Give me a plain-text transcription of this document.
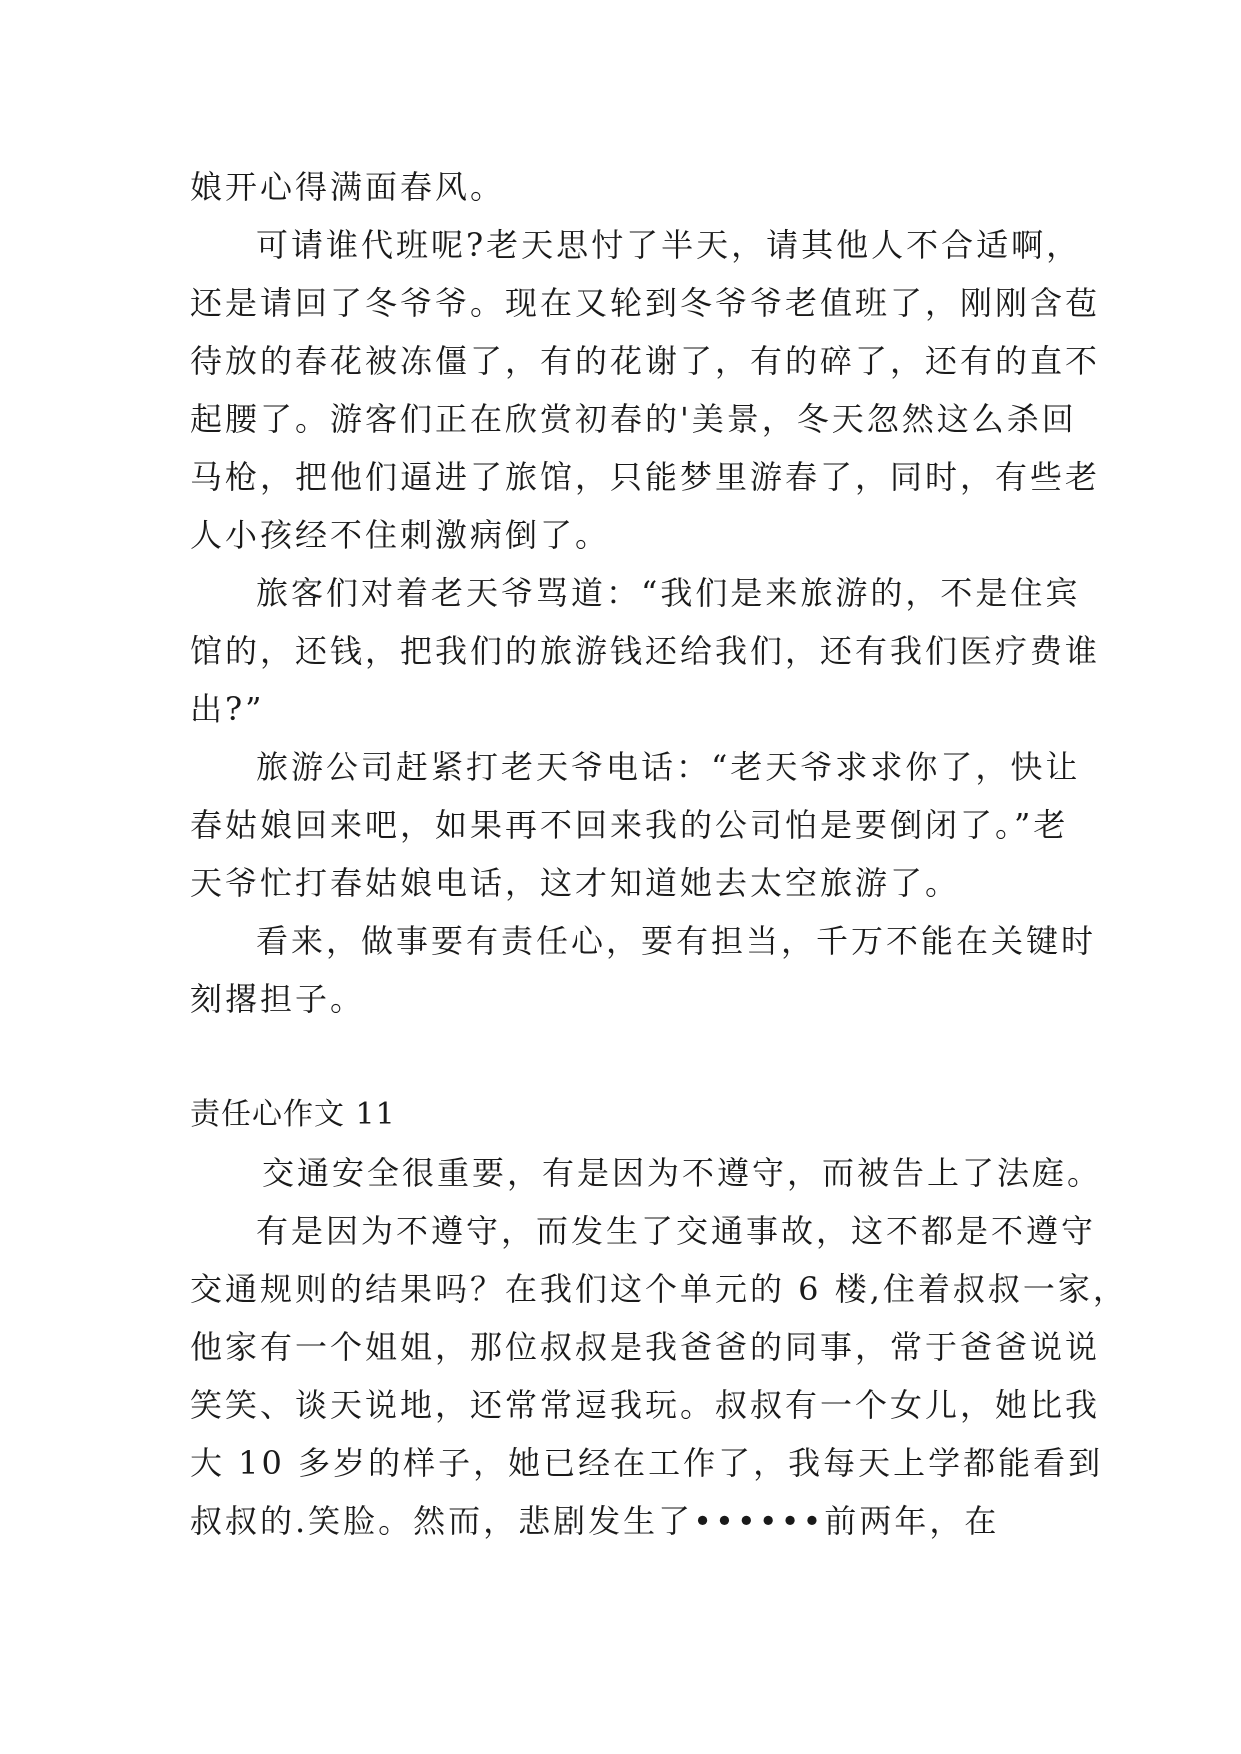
娘开心得满面春风。
可请谁代班呢?老天思忖了半天，请其他人不合适啊，
还是请回了冬爷爷。现在又轮到冬爷爷老值班了，刚刚含苞
待放的春花被冻僵了，有的花谢了，有的碎了，还有的直不
起腰了。游客们正在欣赏初春的'美景，冬天忽然这么杀回
马枪，把他们逼进了旅馆，只能梦里游春了，同时，有些老
人小孩经不住刺激病倒了。
旅客们对着老天爷骂道：“我们是来旅游的，不是住宾
馆的，还钱，把我们的旅游钱还给我们，还有我们医疗费谁
出?”
旅游公司赶紧打老天爷电话：“老天爷求求你了，快让
春姑娘回来吧，如果再不回来我的公司怕是要倒闭了。”老
天爷忙打春姑娘电话，这才知道她去太空旅游了。
看来，做事要有责任心，要有担当，千万不能在关键时
刻撂担子。
责任心作文 11
交通安全很重要，有是因为不遵守，而被告上了法庭。
有是因为不遵守，而发生了交通事故，这不都是不遵守
交通规则的结果吗？在我们这个单元的 6 楼,住着叔叔一家，
他家有一个姐姐，那位叔叔是我爸爸的同事，常于爸爸说说
笑笑、谈天说地，还常常逗我玩。叔叔有一个女儿，她比我
大 10 多岁的样子，她已经在工作了，我每天上学都能看到
叔叔的.笑脸。然而，悲剧发生了••••••前两年，在
